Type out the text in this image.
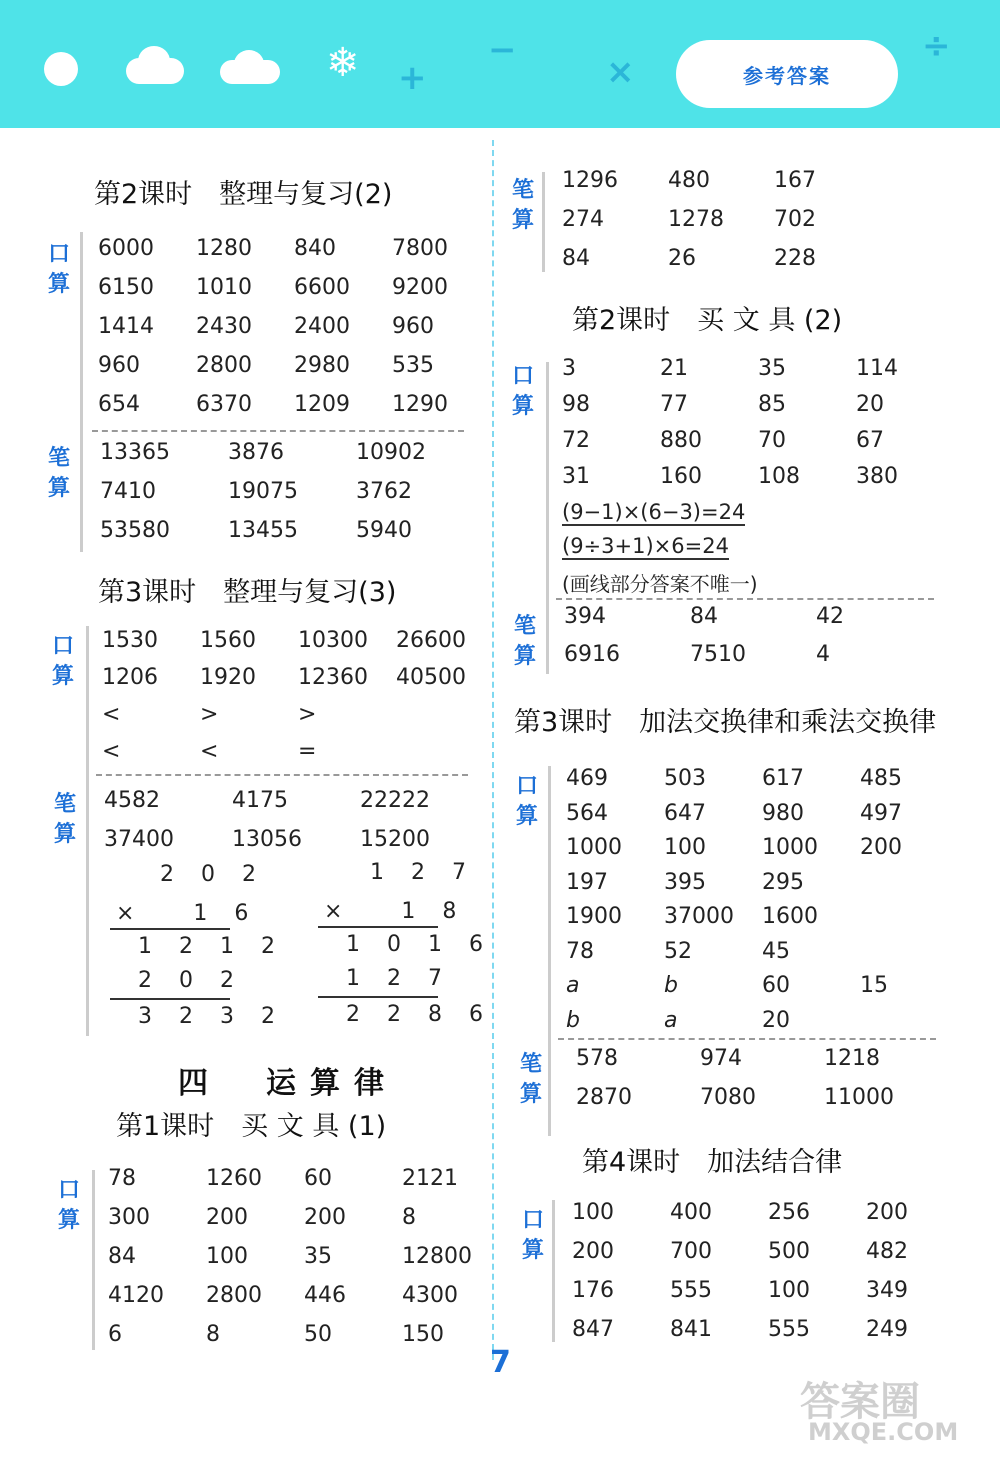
❄ +
−
×
÷
参考答案
第2课时　整理与复习(2)
口算
6000	1280	840	7800
6150	1010	6600	9200
1414	2430	2400	960
960	2800	2980	535
654	6370	1209	1290
笔算
13365	3876	10902
7410	19075	3762
53580	13455	5940
第3课时　整理与复习(3)
口算
1530	1560	10300	26600
1206	1920	12360	40500
<	>	>
<	<	=
笔算
4582	4175	22222
37400	13056	15200
2 0 2
×　 1 6
1 2 1 2
2 0 2
3 2 3 2
1 2 7
×　 1 8
1 0 1 6
1 2 7
2 2 8 6
四　运算律
第1课时　买 文 具 (1)
口算
78	1260	60	2121
300	200	200	8
84	100	35	12800
4120	2800	446	4300
6	8	50	150
笔算
1296	480	167
274	1278	702
84	26	228
第2课时　买 文 具 (2)
口算
3	21	35	114
98	77	85	20
72	880	70	67
31	160	108	380
(9−1)×(6−3)=24
(9÷3+1)×6=24
(画线部分答案不唯一)
笔算
394	84	42
6916	7510	4
第3课时　加法交换律和乘法交换律
口算
469	503	617	485
564	647	980	497
1000	100	1000	200
197	395	295
1900	37000	1600
78	52	45
a	b	60	15
b	a	20
笔算
578	974	1218
2870	7080	11000
第4课时　加法结合律
口算
100	400	256	200
200	700	500	482
176	555	100	349
847	841	555	249
7
答案圈
MXQE.COM
